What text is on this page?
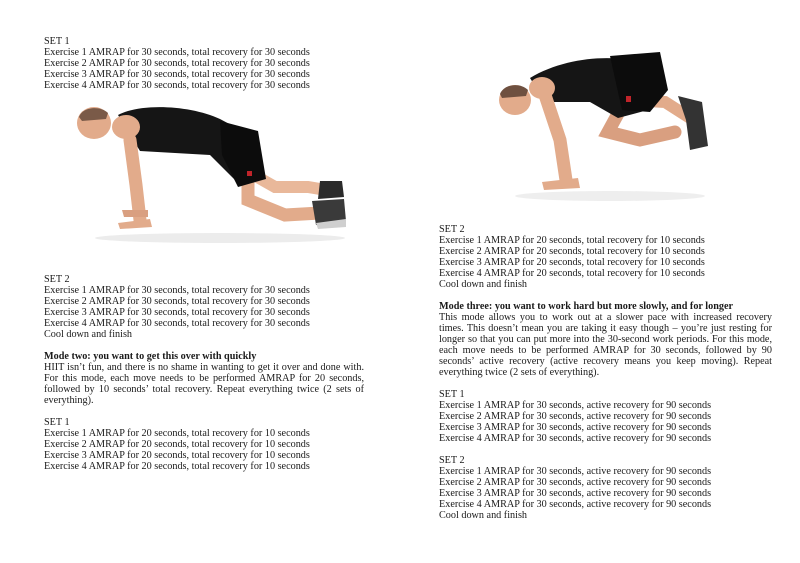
SET 1

Exercise 1 AMRAP for 30 seconds, total recovery for 30 seconds

Exercise 2 AMRAP for 30 seconds, total recovery for 30 seconds

Exercise 3 AMRAP for 30 seconds, total recovery for 30 seconds

Exercise 4 AMRAP for 30 seconds, total recovery for 30 seconds

SET 2

Exercise 1 AMRAP for 30 seconds, total recovery for 30 seconds

Exercise 2 AMRAP for 30 seconds, total recovery for 30 seconds

Exercise 3 AMRAP for 30 seconds, total recovery for 30 seconds

Exercise 4 AMRAP for 30 seconds, total recovery for 30 seconds

Cool down and finish

Mode two: you want to get this over with quickly

HIIT isn’t fun, and there is no shame in wanting to get it over and done with. For this mode, each move needs to be performed AMRAP for 20 seconds, followed by 10 seconds’ total recovery. Repeat everything twice (2 sets of everything).

SET 1

Exercise 1 AMRAP for 20 seconds, total recovery for 10 seconds

Exercise 2 AMRAP for 20 seconds, total recovery for 10 seconds

Exercise 3 AMRAP for 20 seconds, total recovery for 10 seconds

Exercise 4 AMRAP for 20 seconds, total recovery for 10 seconds

SET 2

Exercise 1 AMRAP for 20 seconds, total recovery for 10 seconds

Exercise 2 AMRAP for 20 seconds, total recovery for 10 seconds

Exercise 3 AMRAP for 20 seconds, total recovery for 10 seconds

Exercise 4 AMRAP for 20 seconds, total recovery for 10 seconds

Cool down and finish

Mode three: you want to work hard but more slowly, and for longer

This mode allows you to work out at a slower pace with increased recovery times. This doesn’t mean you are taking it easy though – you’re just resting for longer so that you can put more into the 30-second work periods. For this mode, each move needs to be performed AMRAP for 30 seconds, followed by 90 seconds’ active recovery (active recovery means you keep moving). Repeat everything twice (2 sets of everything).

SET 1

Exercise 1 AMRAP for 30 seconds, active recovery for 90 seconds

Exercise 2 AMRAP for 30 seconds, active recovery for 90 seconds

Exercise 3 AMRAP for 30 seconds, active recovery for 90 seconds

Exercise 4 AMRAP for 30 seconds, active recovery for 90 seconds

SET 2

Exercise 1 AMRAP for 30 seconds, active recovery for 90 seconds

Exercise 2 AMRAP for 30 seconds, active recovery for 90 seconds

Exercise 3 AMRAP for 30 seconds, active recovery for 90 seconds

Exercise 4 AMRAP for 30 seconds, active recovery for 90 seconds

Cool down and finish
